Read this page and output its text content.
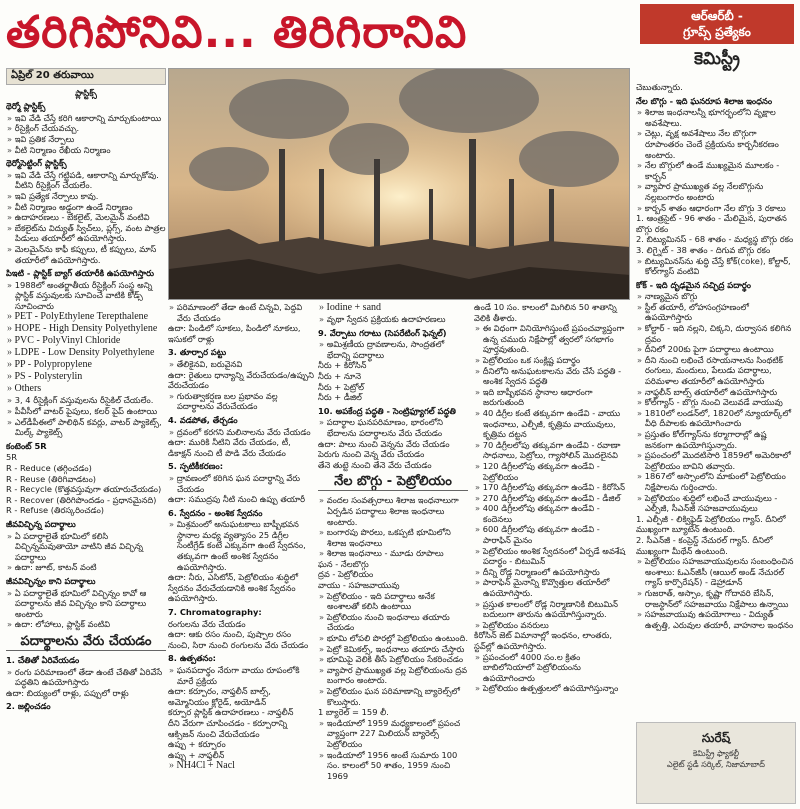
తరిగిపోనివి... తిరిగిరానివి	ఆర్‌ఆర్‌బీ -
గ్రూప్స్ ప్రత్యేకం
కెమిస్ట్రీ
ఏప్రిల్ 20 తరువాయి
ప్లాస్టిక్స్
థెర్మో ప్లాస్టిక్స్
» ఇవి వేడి చేస్తే కరిగి ఆకారాన్ని మార్చుకుంటాయి
» రీసైక్లింగ్ చేయవచ్చు.
» ఇవి ప్రతిక నేర్పాలు
» వీటి నిర్మాణం రేఖీయ నిర్మాణం
థెర్మోసెట్టింగ్ ప్లాస్టిక్స్
» ఇవి వేడి చేస్తే గట్టిపడి, ఆకారాన్ని మార్చుకోవు. వీటిని రీసైక్లింగ్ చేయలేం.
» ఇవి ప్రత్యేక నేర్పాలు కావు.
» వీటి నిర్మాణం అడ్డంగా ఉండే నిర్మాణం
» ఉదాహరణలు - బేకలైట్, మెలమైన్ వంటివి
» బేకలైట్‌ను విద్యుత్ స్విచ్‌లు, ప్లగ్స్, వంట పాత్రల పిడులు తయారీలో ఉపయోగిస్తారు.
» మెలమైన్‌ను కాఫీ కప్పులు, టీ కప్పులు, మాస్ తయారీలో ఉపయోగిస్తారు.
పిఇటి - ప్లాస్టిక్ బ్యాగ్ తయారీకి ఉపయోగిస్తారు
» 1988లో అంతర్జాతీయ రీసైక్లింగ్ సంస్థ అన్ని ప్లాస్టిక్ వస్తువులకు సూచించే వాటికి కోడ్స్ సూచించారు
» PET - PolyEthylene Terepthalene
» HOPE - High Density Polyethylene
» PVC - PolyVinyl Chloride
» LDPE - Low Density Polyethylene
» PP - Polypropylene
» PS - Polysterylin
» Others
» 3, 4 రీసైక్లింగ్ వస్తువులను రీసైకిల్ చేయలేం.
» పీవీసీలో వాటర్ పైపులు, కలర్ పైప్ ఉంటాయి
» ఎల్‌డీపీఈలో పాలిథిన్ కవర్లు, వాటర్ ప్యాకెట్స్, మిల్క్ ప్యాకెట్స్
కంటెంట్ 5R
5R
R - Reduce (తగ్గించడం)
R - Reuse (తిరిగివాడటం)
R - Recycle (కొత్తవస్తువుగా తయారుచేయడం)
R - Recover (తిరిగిపొందడం - ప్రధానమైనది)
R - Refuse (తిరస్కరించడం)
జీవవిచ్ఛిన్న పదార్థాలు
» ఏ పదార్థాలైతే భూమిలో కలిసి విచ్ఛిన్నమవుతాయో వాటిని జీవ విచ్ఛిన్న పదార్థాలు
» ఉదా: జూట్, కాటన్ వంటి
జీవవిచ్ఛిన్నం కాని పదార్థాలు
» ఏ పదార్థాలైతే భూమిలో విచ్ఛిన్నం కావో ఆ పదార్థాలను జీవ విచ్ఛిన్నం కాని పదార్థాలు అంటారు
» ఉదా: లోహాలు, ప్లాస్టిక్ వంటివి
పదార్థాలను వేరు చేయడం
1. చేతితో ఏరివేయడం
» రంగు పరిమాణంలో తేడా ఉంటే చేతితో ఏరివేసే పద్ధతిని ఉపయోగిస్తారు
ఉదా: బియ్యంలో రాళ్లు, పప్పులో రాళ్లు
2. జల్లించడం
» పరిమాణంలో తేడా ఉంటే చిన్నవి, పెద్దవి వేరు చేయడం
ఉదా: పిండిలో సూకలు, పిండిలో నూకలు, ఇసుకలో రాళ్లు
3. తూర్పార పట్టు
» తేలికైనవి, బరువైనవి
ఉదా: రైతులు ధాన్యాన్ని వేరుచేయడం/ఉప్పుని వేరుచేయడం
» గురుత్వాకర్షణ బల ప్రభావం వల్ల పదార్థాలను వేరుచేయడం
4. వడపోత, తేర్చడం
» ద్రవంలో కరగని మలినాలను వేరు చేయడం
ఉదా: మురికి నీటిని వేరు చేయడం, టీ, డికాక్షన్ నుంచి టీ పొడి వేరు చేయడం
5. స్ఫటికీకరణం:
» ద్రావణంలో కరిగిన ఘన పదార్థాన్ని వేరు చేయడం
ఉదా: సముద్రపు నీటి నుంచి ఉప్పు తయారీ
6. స్వేదనం - అంశిక స్వేదనం
» మిశ్రమంలో అనుఘటకాలు బాష్పీభవన స్థానాల మధ్య వ్యత్యాసం 25 డిగ్రీల సెంటీగ్రేడ్ కంటే ఎక్కువగా ఉంటే స్వేదనం, తక్కువగా ఉంటే అంశిక స్వేదనం ఉపయోగిస్తారు.
ఉదా: నీరు, ఎసిటోన్, పెట్రోలియం శుద్ధిలో స్వేదనం వేరుచేయడానికి అంశిక స్వేదనం ఉపయోగిస్తారు.
7. Chromatography:
రంగులను వేరు చేయడం
ఉదా: ఆకు రసం నుంచి, పుష్పాల రసం నుంచి, సిరా నుంచి రంగులను వేరు చేయడం
8. ఉత్పతనం:
» ఘనపదార్థం నేరుగా వాయు రూపంలోకి మారే ప్రక్రియ
ఉదా: కర్పూరం, నాఫ్తలీన్ బాల్స్, అమ్మోనియం క్లోరైడ్, అయోడిన్
కర్పూర ప్లాస్టిక్ ఉదాహరణలు - నాఫ్తలీన్
దీని వేరుగా చూపించడం - కర్పూరాన్ని ఆక్సిజన్‌ నుంచి వేరుచేయడం
ఉప్పు + కర్పూరం
ఉప్పు + నాఫ్తలీన్
» NH4Cl + Nacl
» Iodine + sand
» వృథా స్వేదన ప్రక్రియకు ఉదాహరణలు
9. వేర్పాటు గరాటు (సెపరేటింగ్ ఫెన్నల్)
» అమిశ్రణీయ ద్రావణాలను, సాంద్రతలో భేదాన్ని పదార్థాలు
నీరు + కిరోసిన్
నీరు + నూనె
నీరు + పెట్రోల్
నీరు + డీజిల్
10. అపకేంద్ర పద్ధతి - సెంట్రిఫ్యూగల్ పద్ధతి
» పదార్థాల ఘనపరిమాణం, భారంలోని భేదాలను పదార్థాలను వేరు చేయడం
ఉదా: పాలు నుంచి వెన్నను వేరు చేయడం
పెరుగు నుంచి వెన్న వేరు చేయడం
తేనె తుట్టె నుంచి తేనె వేరు చేయడం
నేల బొగ్గు - పెట్రోలియం
» వందల సంవత్సరాలు శిలాజ ఇంధనాలుగా ఏర్పడిన పదార్థాలు శిలాజ ఇంధనాలు అంటారు.
» బంగారపు పొరలు, ఒకప్పటి భూమిలోని శిలాజ ఇంధనాలు
» శిలాజ ఇంధనాలు - మూడు రూపాలు
ఘన - నేలబొగ్గు
ద్రవ - పెట్రోలియం
వాయు - సహజవాయువు
» పెట్రోలియం - ఇది పదార్థాలు అనేక అంశాలతో కలిసి ఉంటాయి
» పెట్రోలియం నుంచి ఇంధనాలు తయారు చేయడం
» భూమి లోపలి పొరల్లో పెట్రోలియం ఉంటుంది.
» పెట్రో కెమికల్స్, ఇంధనాలు తయారు చేస్తారు
» భూమిపై వెలికి తీసే పెట్రోలియం సేకరించడం
» వ్యాపార ప్రాముఖ్యత వల్ల పెట్రోలియంను ద్రవ బంగారం అంటారు.
» పెట్రోలియం ఘన పరిమాణాన్ని బ్యారెల్స్‌లో కొలుస్తారు.
1 బ్యారెల్ = 159 లీ.
» ఇండియాలో 1959 మధ్యకాలంలో ప్రపంచ వ్యాప్తంగా 227 మిలియన్ బ్యారెల్స్ పెట్రోలియం
» ఇండియాలో 1956 అంటే సుమారు 100 సం. కాలంలో 50 శాతం, 1959 నుంచి 1969
ఉండే 10 సం. కాలంలో మిగిలిన 50 శాతాన్ని వెలికి తీశారు.
» ఈ విధంగా వినియోగిస్తుంటే ప్రపంచవ్యాప్తంగా ఉన్న చమురు నిక్షేపాల్లో త్వరలో సగభాగం పూర్తవుతుంది.
» పెట్రోలియం ఒక సంక్లిష్ట పదార్థం
» దీనిలోని అనుఘటకాలను వేరు చేసే పద్ధతి - అంశిక స్వేదన పద్ధతి
» ఇది బాష్పీభవన స్థానాల ఆధారంగా జరుగుతుంది
» 40 డిగ్రీల కంటే తక్కువగా ఉండేవి - వాయు ఇంధనాలు, ఎల్పీజీ, కృత్రిమ వాయువులు, కృత్రిమ దట్టన
» 70 డిగ్రీలలోపు తక్కువగా ఉండేవి - రవాణా సాధనాలు, పెట్రోలు, గ్యాసోలిన్ మొదలైనవి
» 120 డిగ్రీలలోపు తక్కువగా ఉండేవి - పెట్రోలియం
» 170 డిగ్రీలలోపు తక్కువగా ఉండేవి - కిరోసిన్
» 270 డిగ్రీలలోపు తక్కువగా ఉండేవి - డీజిల్
» 400 డిగ్రీలలోపు తక్కువగా ఉండేవి - కందెనలు
» 600 డిగ్రీలలోపు తక్కువగా ఉండేవి - పారాఫిన్ మైనం
» పెట్రోలియం అంశిక స్వేదనంలో ఏర్పడే అవశేష పదార్థం - బిటుమిన్
» దీన్ని రోడ్ల నిర్మాణంలో ఉపయోగిస్తారు
» పారాఫిన్ మైనాన్ని కొవ్వొత్తుల తయారీలో ఉపయోగిస్తారు.
» ప్రస్తుత కాలంలో రోడ్ల నిర్మాణానికి బిటుమిన్ బదులుగా తారును ఉపయోగిస్తున్నారు.
» పెట్రోలియం వనరులు
కిరోసిన్ జెట్ విమానాల్లో ఇంధనం, లాంతరు, స్టవ్‌ల్లో ఉపయోగిస్తారు.
» ప్రపంచంలో 4000 సం.ల క్రితం బాబిలోనియాలో పెట్రోలియంను ఉపయోగించారు
» పెట్రోలియం ఉత్పత్తులలో ఉపయోగిస్తున్నాం
చెబుతున్నారు.
నేల బొగ్గు - ఇది ఘనరూప శిలాజ ఇంధనం
» శిలాజ ఇంధనాలన్నీ భూగర్భంలోని వృక్షాల అవశేషాలు.
» చెట్లు, వృక్ష అవశేషాలు నేల బొగ్గుగా రూపాంతరం చెందే ప్రక్రియను కార్బనీకరణం అంటారు.
» నేల బొగ్గులో ఉండే ముఖ్యమైన మూలకం - కార్బన్
» వ్యాపార ప్రాముఖ్యత వల్ల నేలబొగ్గును నల్లబంగారం అంటారు
» కార్బన్ శాతం ఆధారంగా నేల బొగ్గు 3 రకాలు
1. ఆంత్రసైట్ - 96 శాతం - మేలిమైన, పురాతన బొగ్గు రకం
2. బిట్యుమినస్ - 68 శాతం - మధ్యస్థ బొగ్గు రకం
3. లిగ్నైట్ - 38 శాతం - దిగువ బొగ్గు రకం
» బిట్యుమినస్‌ను శుద్ధి చేస్తే కోక్(coke), కోల్టార్, కోల్‌గ్యాస్ వంటివి
కోక్ - ఇది దృఢమైన సచ్ఛిద్ర పదార్థం
» నాణ్యమైన బొగ్గు
» స్టీల్ తయారీ, లోహసంగ్రహణంలో ఉపయోగిస్తారు
» కోల్టార్ - ఇది నల్లని, చిక్కని, దుర్వాసన కలిగిన ద్రవం
» దీనిలో 200కు పైగా పదార్థాలు ఉంటాయి
» దీని నుంచి లభించే రసాయనాలను సింథటిక్ రంగులు, మందులు, పేలుడు పదార్థాలు, పరిమళాల తయారీలో ఉపయోగిస్తారు
» నాఫ్తలీన్ బాల్స్ తయారీలో ఉపయోగిస్తారు
» కోల్‌గ్యాస్ - బొగ్గు నుంచి వెలువడే వాయువు
» 1810లో లండన్‌లో, 1820లో న్యూయార్క్‌లో వీధి దీపాలకు ఉపయోగించారు
» ప్రస్తుతం కోల్‌గ్యాస్‌ను కర్మాగారాల్లో ఉష్ణ జనకంగా ఉపయోగిస్తున్నారు.
» ప్రపంచంలో మొదటిసారి 1859లో అమెరికాలో పెట్రోలియం బావిని తవ్వారు.
» 1867లో అస్సాంలోని మాకుంలో పెట్రోలియం నిక్షేపాలను గుర్తించారు.
» పెట్రోలియం శుద్ధిలో లభించే వాయువులు - ఎల్పీజీ, సీఎన్‌జీ సహజవాయువులు
1. ఎల్పీజీ - లిక్విఫైడ్ పెట్రోలియం గ్యాస్. దీనిలో ముఖ్యంగా బ్యూటేన్ ఉంటుంది.
2. సీఎన్‌జీ - కంప్రెస్డ్ నేచురల్ గ్యాస్. దీనిలో ముఖ్యంగా మీథేన్ ఉంటుంది.
» పెట్రోలియం సహజవాయువులను సంబంధించిన అంశాలు: ఓఎన్‌జీసీ (ఆయిల్ అండ్ నేచురల్ గ్యాస్ కార్పొరేషన్) - డెహ్రాడూన్
» గుజరాత్, అస్సాం, కృష్ణా గోదావరి బేసిన్, రాజస్థాన్‌లో సహజవాయు నిక్షేపాలు ఉన్నాయి
» సహజవాయువు ఉపయోగాలు - విద్యుత్ ఉత్పత్తి, ఎరువుల తయారీ, వాహనాల ఇంధనం
సురేష్
కెమిస్ట్రీ ఫ్యాకల్టీ
ఎలైట్ స్టడీ సర్కిల్, నిజామాబాద్
